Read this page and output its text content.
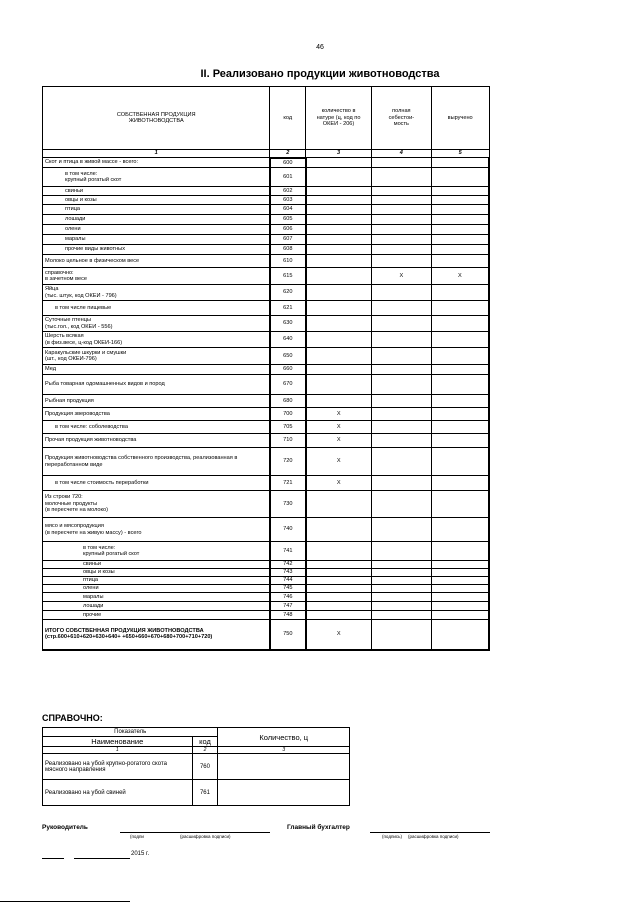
46
II. Реализовано продукции животноводства
СОБСТВЕННАЯ ПРОДУКЦИЯ ЖИВОТНОВОДСТВА	код	количество в натуре (ц, код по ОКЕИ - 206)	полная себестои-мость	выручено
1	2	3	4	5
Скот и птица в живой массе - всего:	600			
в том числе:
крупный рогатый скот	601			
свиньи	602			
овцы и козы	603			
птица	604			
лошади	605			
олени	606			
маралы	607			
прочие виды животных	608			
Молоко цельное в физическом весе	610			
справочно:
в зачетном весе	615		X	X
Яйца
(тыс. штук, код ОКЕИ - 796)	620			
в том числе пищевые	621			
Суточные птенцы
(тыс.гол., код ОКЕИ - 556)	630			
Шерсть всякая
(в физ.весе, ц-код ОКЕИ-166)	640			
Каракульские шкурки и смушки
(шт., код ОКЕИ-796)	650			
Мед	660			
Рыба товарная одомашненных видов и пород	670			
Рыбная продукция	680			
Продукция звероводства	700	X		
в том числе: соболеводства	705	X		
Прочая продукция животноводства	710	X		
Продукция животноводства собственного производства, реализованная в переработанном виде	720	X		
в том числе стоимость переработки	721	X		
Из строки 720:
молочные продукты
(в пересчете на молоко)	730			
мясо и мясопродукция
(в пересчете на живую массу) - всего	740			
в том числе:
крупный рогатый скот	741			
свиньи	742			
овцы и козы	743			
птица	744			
олени	745			
маралы	746			
лошади	747			
прочие	748			
ИТОГО СОБСТВЕННАЯ ПРОДУКЦИЯ ЖИВОТНОВОДСТВА (стр.600+610+620+630+640+ +650+660+670+680+700+710+720)	750	X		
СПРАВОЧНО:
Показатель		Количество, ц
Наименование	код	
1	2	3
Реализовано на убой крупно-рогатого скота мясного направления	760	
Реализовано на убой свиней	761	
Руководитель	Главный бухгалтер
(подпи	(расшифровка подписи)	(подпись) (расшифровка подписи)
2015 г.
